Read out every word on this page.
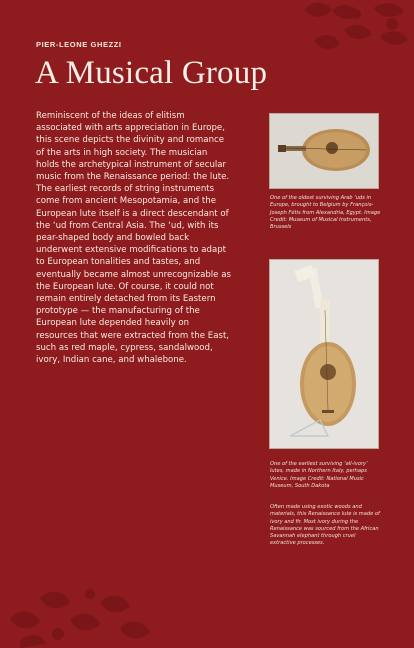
PIER-LEONE GHEZZI
A Musical Group
Reminiscent of the ideas of elitism associated with arts appreciation in Europe, this scene depicts the divinity and romance of the arts in high society. The musician holds the archetypical instrument of secular music from the Renaissance period: the lute. The earliest records of string instruments come from ancient Mesopotamia, and the European lute itself is a direct descendant of the ‘ud from Central Asia. The ‘ud, with its pear-shaped body and bowled back underwent extensive modifications to adapt to European tonalities and tastes, and eventually became almost unrecognizable as the European lute. Of course, it could not remain entirely detached from its Eastern prototype — the manufacturing of the European lute depended heavily on resources that were extracted from the East, such as red maple, cypress, sandalwood, ivory, Indian cane, and whalebone.
One of the oldest surviving Arab ‘uds in Europe, brought to Belgium by François-Joseph Fétis from Alexandria, Egypt. Image Credit: Museum of Musical Instruments, Brussels
One of the earliest surviving ‘all-ivory’ lutes, made in Northern Italy, perhaps Venice. Image Credit: National Music Museum, South Dakota
Often made using exotic woods and materials, this Renaissance lute is made of ivory and fir. Most ivory during the Renaissance was sourced from the African Savannah elephant through cruel extractive processes.
